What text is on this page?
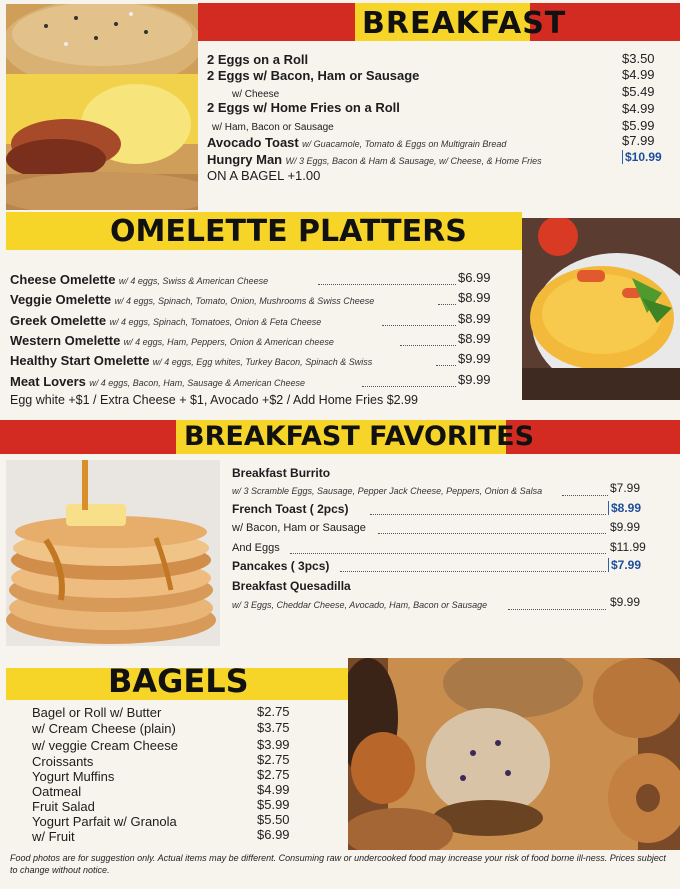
BREAKFAST
2 Eggs on a Roll	$3.50
2 Eggs w/ Bacon, Ham or Sausage	$4.99
w/ Cheese	$5.49
2 Eggs w/ Home Fries on a Roll	$4.99
w/ Ham, Bacon or Sausage	$5.99
Avocado Toast w/ Guacamole, Tomato & Eggs on Multigrain Bread	$7.99
Hungry Man W/ 3 Eggs, Bacon & Ham & Sausage, w/ Cheese, & Home Fries	$10.99
ON A BAGEL +1.00
OMELETTE PLATTERS
Cheese Omelette w/ 4 eggs, Swiss & American Cheese	$6.99
Veggie Omelette w/ 4 eggs, Spinach, Tomato, Onion, Mushrooms & Swiss Cheese	$8.99
Greek Omelette w/ 4 eggs, Spinach, Tomatoes, Onion & Feta Cheese	$8.99
Western Omelette w/ 4 eggs, Ham, Peppers, Onion & American cheese	$8.99
Healthy Start Omelette w/ 4 eggs, Egg whites, Turkey Bacon, Spinach & Swiss	$9.99
Meat Lovers w/ 4 eggs, Bacon, Ham, Sausage & American Cheese	$9.99
Egg white +$1 / Extra Cheese + $1, Avocado +$2 / Add Home Fries $2.99
BREAKFAST FAVORITES
Breakfast Burrito
w/ 3 Scramble Eggs, Sausage, Pepper Jack Cheese, Peppers, Onion & Salsa	$7.99
French Toast ( 2pcs)	$8.99
w/ Bacon, Ham or Sausage	$9.99
And Eggs	$11.99
Pancakes ( 3pcs)	$7.99
Breakfast Quesadilla
w/ 3 Eggs, Cheddar Cheese, Avocado, Ham, Bacon or Sausage	$9.99
BAGELS
Bagel or Roll w/ Butter	$2.75
w/ Cream Cheese (plain)	$3.75
w/ veggie Cream Cheese	$3.99
Croissants	$2.75
Yogurt Muffins	$2.75
Oatmeal	$4.99
Fruit Salad	$5.99
Yogurt Parfait w/ Granola	$5.50
w/ Fruit	$6.99
Food photos are for suggestion only. Actual items may be different. Consuming raw or undercooked food may increase your risk of food borne ill-ness. Prices subject to change without notice.
